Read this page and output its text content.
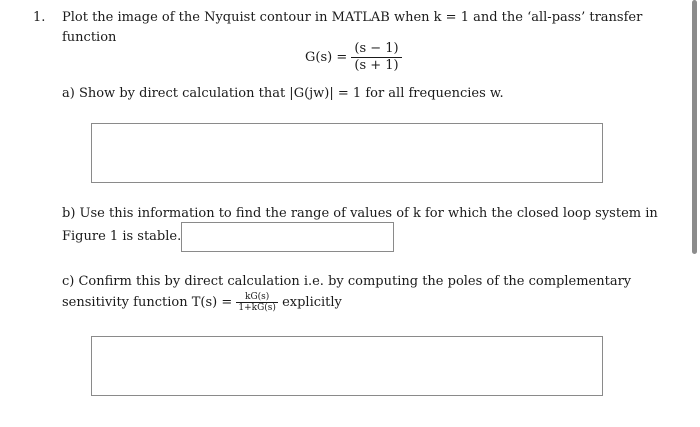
1. Plot the image of the Nyquist contour in MATLAB when k = 1 and the ‘all-pass’ transfer
function
$G(s) = \frac{(s - 1)}{(s + 1)}$
a) Show by direct calculation that |G(jw)| = 1 for all frequencies w.
b) Use this information to find the range of values of k for which the closed loop system in
Figure 1 is stable.
c) Confirm this by direct calculation i.e. by computing the poles of the complementary
sensitivity function $T(s) = \frac{kG(s)}{1+kG(s)}$ explicitly
